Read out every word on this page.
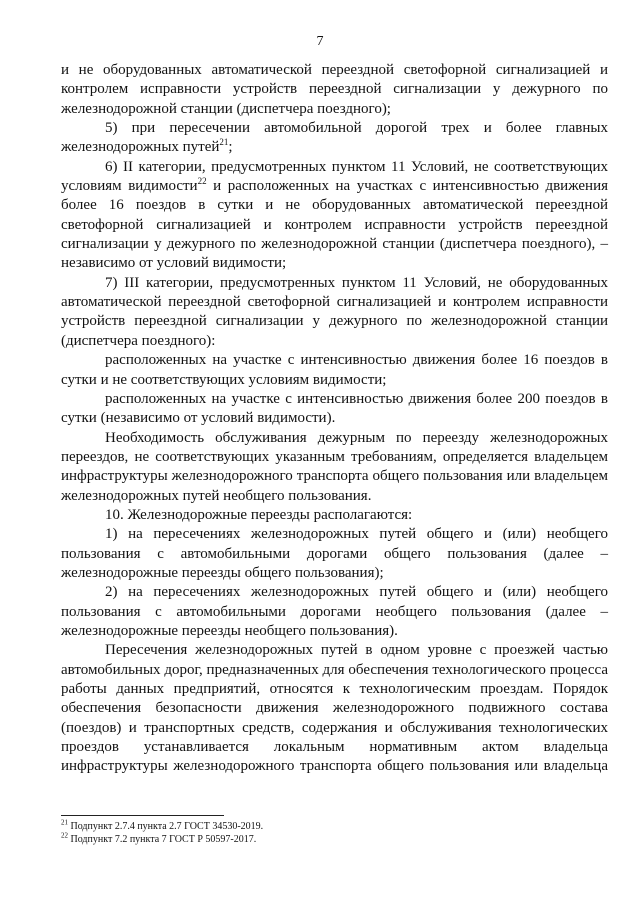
7

и не оборудованных автоматической переездной светофорной сигнализацией и контролем исправности устройств переездной сигнализации у дежурного по железнодорожной станции (диспетчера поездного);

5) при пересечении автомобильной дорогой трех и более главных железнодорожных путей$^{21}$;

6) II категории, предусмотренных пунктом 11 Условий, не соответствующих условиям видимости$^{22}$ и расположенных на участках с интенсивностью движения более 16 поездов в сутки и не оборудованных автоматической переездной светофорной сигнализацией и контролем исправности устройств переездной сигнализации у дежурного по железнодорожной станции (диспетчера поездного), – независимо от условий видимости;

7) III категории, предусмотренных пунктом 11 Условий, не оборудованных автоматической переездной светофорной сигнализацией и контролем исправности устройств переездной сигнализации у дежурного по железнодорожной станции (диспетчера поездного):

расположенных на участке с интенсивностью движения более 16 поездов в сутки и не соответствующих условиям видимости;

расположенных на участке с интенсивностью движения более 200 поездов в сутки (независимо от условий видимости).

Необходимость обслуживания дежурным по переезду железнодорожных переездов, не соответствующих указанным требованиям, определяется владельцем инфраструктуры железнодорожного транспорта общего пользования или владельцем железнодорожных путей необщего пользования.

10. Железнодорожные переезды располагаются:

1) на пересечениях железнодорожных путей общего и (или) необщего пользования с автомобильными дорогами общего пользования (далее – железнодорожные переезды общего пользования);

2) на пересечениях железнодорожных путей общего и (или) необщего пользования с автомобильными дорогами необщего пользования (далее – железнодорожные переезды необщего пользования).

Пересечения железнодорожных путей в одном уровне с проезжей частью автомобильных дорог, предназначенных для обеспечения технологического процесса работы данных предприятий, относятся к технологическим проездам. Порядок обеспечения безопасности движения железнодорожного подвижного состава (поездов) и транспортных средств, содержания и обслуживания технологических проездов устанавливается локальным нормативным актом владельца инфраструктуры железнодорожного транспорта общего пользования или владельца

$^{21}$ Подпункт 2.7.4 пункта 2.7 ГОСТ 34530-2019.
$^{22}$ Подпункт 7.2 пункта 7 ГОСТ Р 50597-2017.
